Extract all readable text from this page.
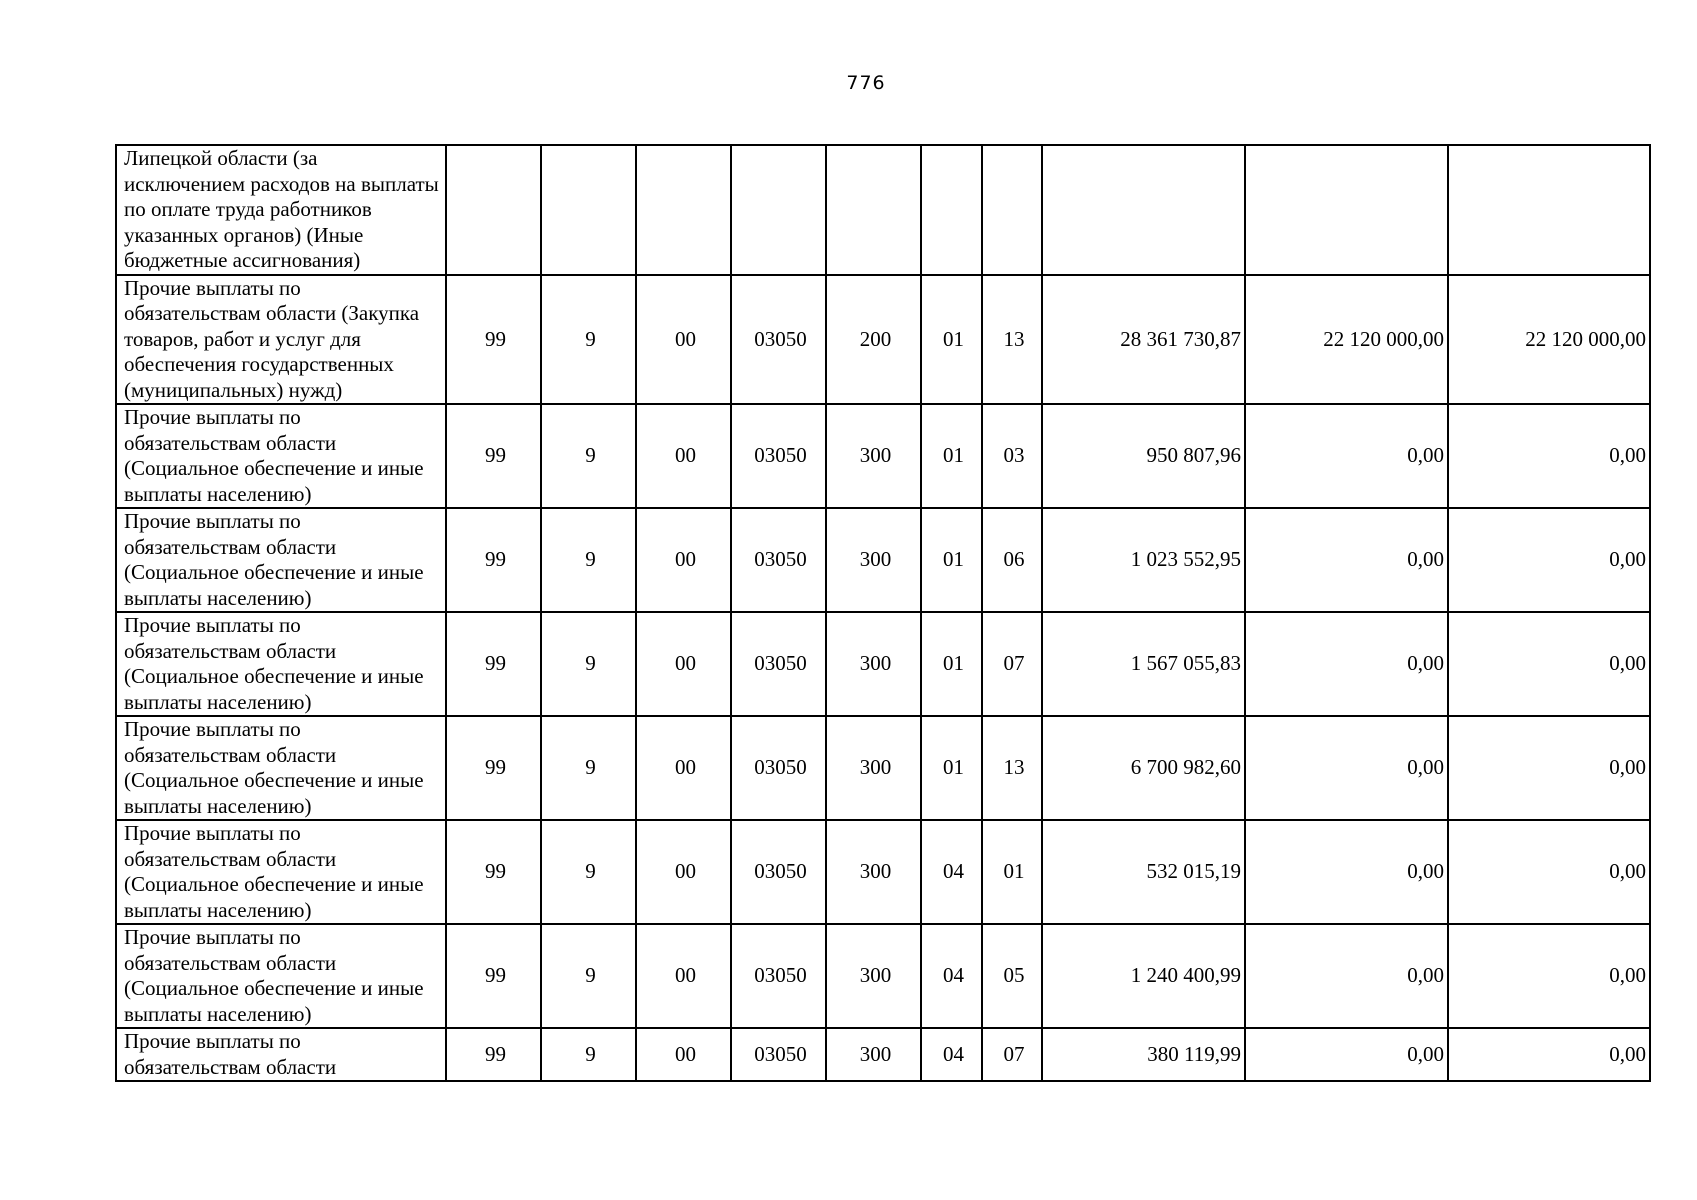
776
Липецкой области (за исключением расходов на выплаты по оплате труда работников указанных органов) (Иные бюджетные ассигнования)										
Прочие выплаты по обязательствам области (Закупка товаров, работ и услуг для обеспечения государственных (муниципальных) нужд)	99	9	00	03050	200	01	13	28 361 730,87	22 120 000,00	22 120 000,00
Прочие выплаты по обязательствам области (Социальное обеспечение и иные выплаты населению)	99	9	00	03050	300	01	03	950 807,96	0,00	0,00
Прочие выплаты по обязательствам области (Социальное обеспечение и иные выплаты населению)	99	9	00	03050	300	01	06	1 023 552,95	0,00	0,00
Прочие выплаты по обязательствам области (Социальное обеспечение и иные выплаты населению)	99	9	00	03050	300	01	07	1 567 055,83	0,00	0,00
Прочие выплаты по обязательствам области (Социальное обеспечение и иные выплаты населению)	99	9	00	03050	300	01	13	6 700 982,60	0,00	0,00
Прочие выплаты по обязательствам области (Социальное обеспечение и иные выплаты населению)	99	9	00	03050	300	04	01	532 015,19	0,00	0,00
Прочие выплаты по обязательствам области (Социальное обеспечение и иные выплаты населению)	99	9	00	03050	300	04	05	1 240 400,99	0,00	0,00
Прочие выплаты по обязательствам области	99	9	00	03050	300	04	07	380 119,99	0,00	0,00
